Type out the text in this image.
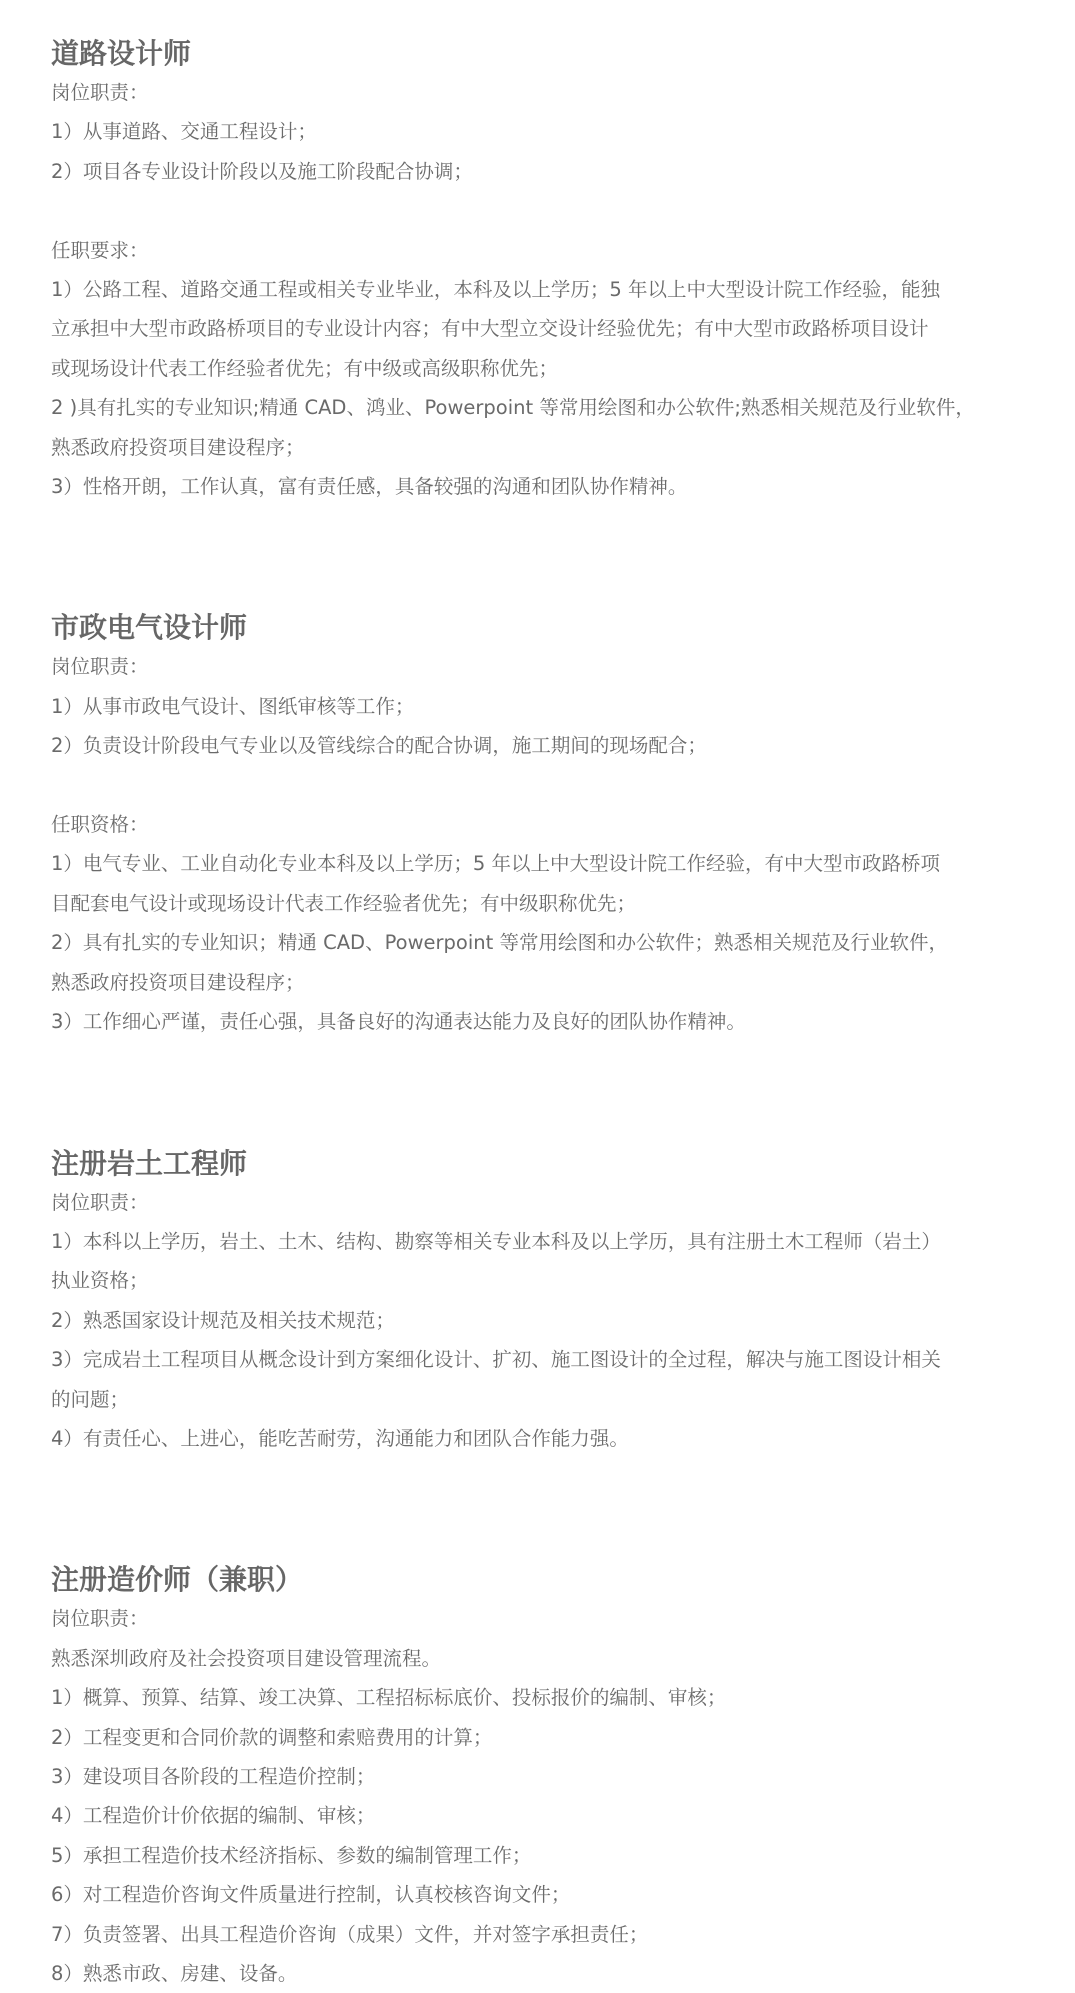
道路设计师

岗位职责：

1）从事道路、交通工程设计；

2）项目各专业设计阶段以及施工阶段配合协调；

任职要求：

1）公路工程、道路交通工程或相关专业毕业，本科及以上学历；5 年以上中大型设计院工作经验，能独

立承担中大型市政路桥项目的专业设计内容；有中大型立交设计经验优先；有中大型市政路桥项目设计

或现场设计代表工作经验者优先；有中级或高级职称优先；

2 )具有扎实的专业知识;精通 CAD、鸿业、Powerpoint 等常用绘图和办公软件;熟悉相关规范及行业软件，

熟悉政府投资项目建设程序；

3）性格开朗，工作认真，富有责任感，具备较强的沟通和团队协作精神。

市政电气设计师

岗位职责：

1）从事市政电气设计、图纸审核等工作；

2）负责设计阶段电气专业以及管线综合的配合协调，施工期间的现场配合；

任职资格：

1）电气专业、工业自动化专业本科及以上学历；5 年以上中大型设计院工作经验，有中大型市政路桥项

目配套电气设计或现场设计代表工作经验者优先；有中级职称优先；

2）具有扎实的专业知识；精通 CAD、Powerpoint 等常用绘图和办公软件；熟悉相关规范及行业软件，

熟悉政府投资项目建设程序；

3）工作细心严谨，责任心强，具备良好的沟通表达能力及良好的团队协作精神。

注册岩土工程师

岗位职责：

1）本科以上学历，岩土、土木、结构、勘察等相关专业本科及以上学历，具有注册土木工程师（岩土）

执业资格；

2）熟悉国家设计规范及相关技术规范；

3）完成岩土工程项目从概念设计到方案细化设计、扩初、施工图设计的全过程，解决与施工图设计相关

的问题；

4）有责任心、上进心，能吃苦耐劳，沟通能力和团队合作能力强。

注册造价师（兼职）

岗位职责：

熟悉深圳政府及社会投资项目建设管理流程。

1）概算、预算、结算、竣工决算、工程招标标底价、投标报价的编制、审核；

2）工程变更和合同价款的调整和索赔费用的计算；

3）建设项目各阶段的工程造价控制；

4）工程造价计价依据的编制、审核；

5）承担工程造价技术经济指标、参数的编制管理工作；

6）对工程造价咨询文件质量进行控制，认真校核咨询文件；

7）负责签署、出具工程造价咨询（成果）文件，并对签字承担责任；

8）熟悉市政、房建、设备。
